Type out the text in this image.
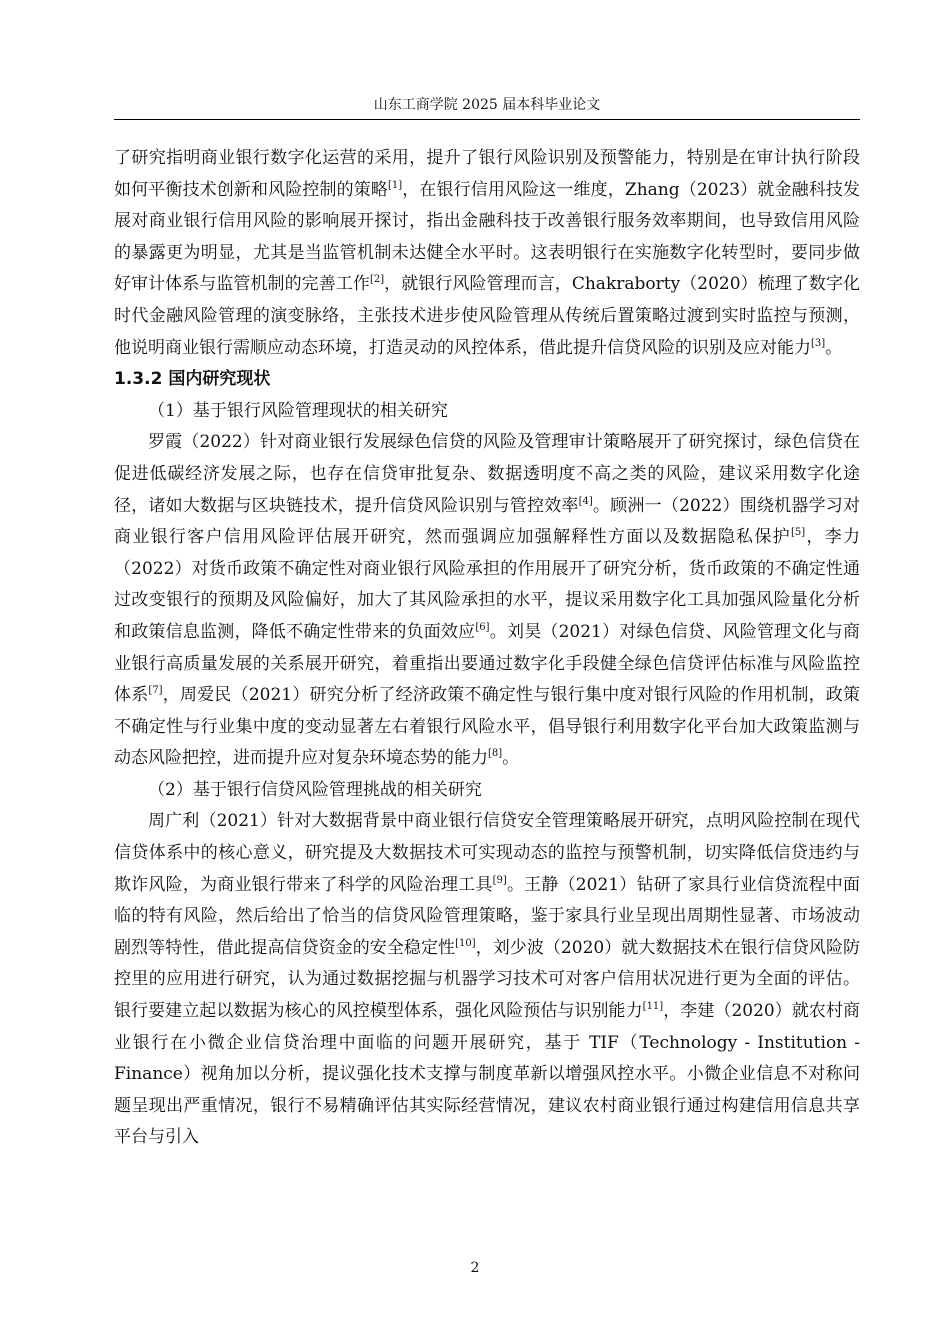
山东工商学院 2025 届本科毕业论文

了研究指明商业银行数字化运营的采用，提升了银行风险识别及预警能力，特别是在审计执行阶段如何平衡技术创新和风险控制的策略[1]，在银行信用风险这一维度，Zhang（2023）就金融科技发展对商业银行信用风险的影响展开探讨，指出金融科技于改善银行服务效率期间，也导致信用风险的暴露更为明显，尤其是当监管机制未达健全水平时。这表明银行在实施数字化转型时，要同步做好审计体系与监管机制的完善工作[2]，就银行风险管理而言，Chakraborty（2020）梳理了数字化时代金融风险管理的演变脉络，主张技术进步使风险管理从传统后置策略过渡到实时监控与预测，他说明商业银行需顺应动态环境，打造灵动的风控体系，借此提升信贷风险的识别及应对能力[3]。

1.3.2 国内研究现状

（1）基于银行风险管理现状的相关研究

罗霞（2022）针对商业银行发展绿色信贷的风险及管理审计策略展开了研究探讨，绿色信贷在促进低碳经济发展之际，也存在信贷审批复杂、数据透明度不高之类的风险，建议采用数字化途径，诸如大数据与区块链技术，提升信贷风险识别与管控效率[4]。顾洲一（2022）围绕机器学习对商业银行客户信用风险评估展开研究，然而强调应加强解释性方面以及数据隐私保护[5]，李力（2022）对货币政策不确定性对商业银行风险承担的作用展开了研究分析，货币政策的不确定性通过改变银行的预期及风险偏好，加大了其风险承担的水平，提议采用数字化工具加强风险量化分析和政策信息监测，降低不确定性带来的负面效应[6]。刘昊（2021）对绿色信贷、风险管理文化与商业银行高质量发展的关系展开研究，着重指出要通过数字化手段健全绿色信贷评估标准与风险监控体系[7]，周爱民（2021）研究分析了经济政策不确定性与银行集中度对银行风险的作用机制，政策不确定性与行业集中度的变动显著左右着银行风险水平，倡导银行利用数字化平台加大政策监测与动态风险把控，进而提升应对复杂环境态势的能力[8]。

（2）基于银行信贷风险管理挑战的相关研究

周广利（2021）针对大数据背景中商业银行信贷安全管理策略展开研究，点明风险控制在现代信贷体系中的核心意义，研究提及大数据技术可实现动态的监控与预警机制，切实降低信贷违约与欺诈风险，为商业银行带来了科学的风险治理工具[9]。王静（2021）钻研了家具行业信贷流程中面临的特有风险，然后给出了恰当的信贷风险管理策略，鉴于家具行业呈现出周期性显著、市场波动剧烈等特性，借此提高信贷资金的安全稳定性[10]，刘少波（2020）就大数据技术在银行信贷风险防控里的应用进行研究，认为通过数据挖掘与机器学习技术可对客户信用状况进行更为全面的评估。银行要建立起以数据为核心的风控模型体系，强化风险预估与识别能力[11]，李建（2020）就农村商业银行在小微企业信贷治理中面临的问题开展研究，基于 TIF（Technology - Institution - Finance）视角加以分析，提议强化技术支撑与制度革新以增强风控水平。小微企业信息不对称问题呈现出严重情况，银行不易精确评估其实际经营情况，建议农村商业银行通过构建信用信息共享平台与引入

2
